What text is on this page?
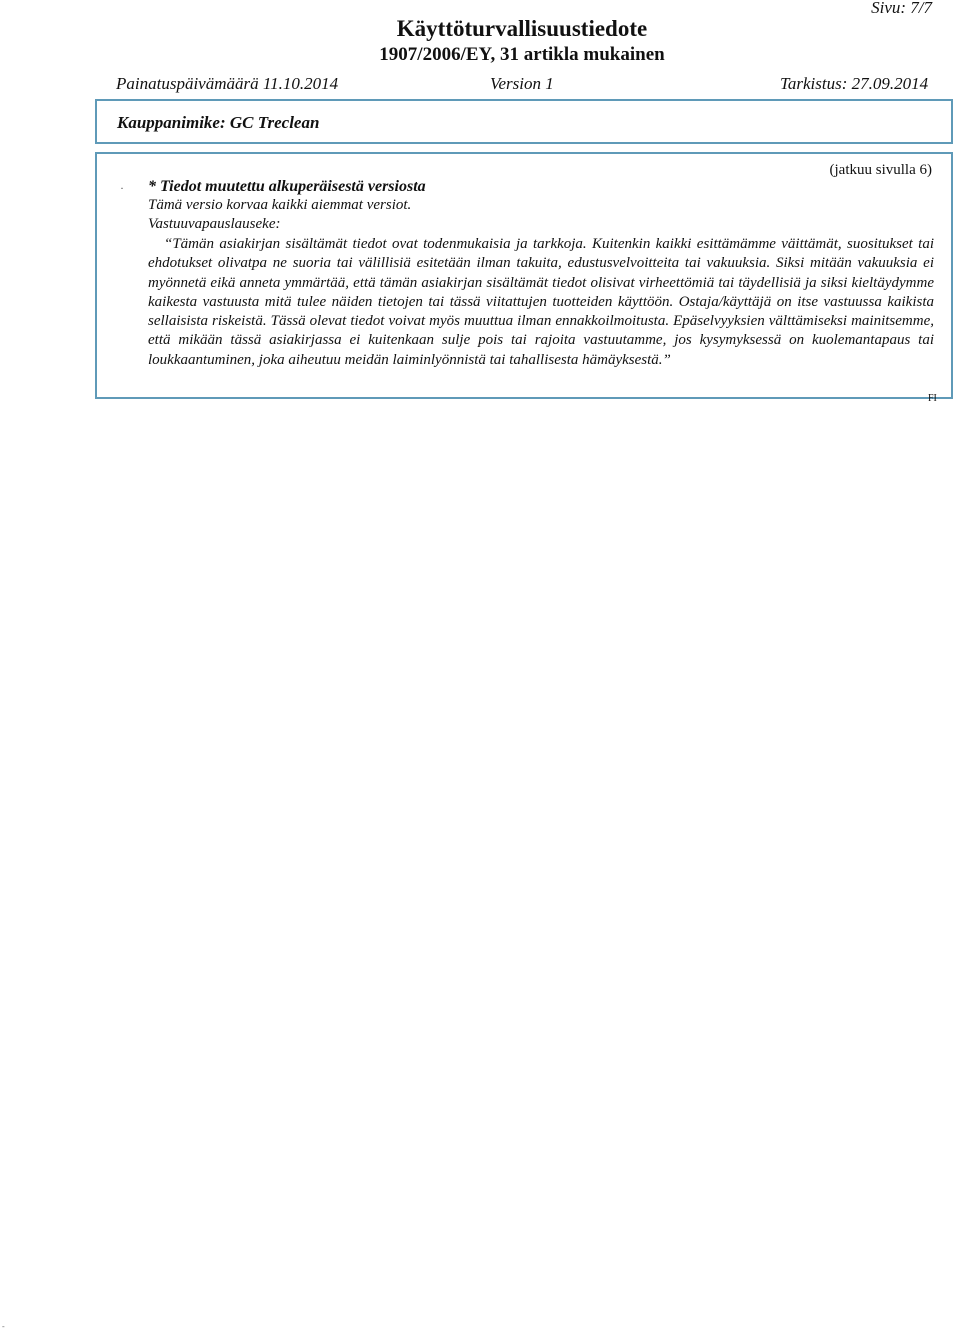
Sivu: 7/7
Käyttöturvallisuustiedote
1907/2006/EY, 31 artikla mukainen
Painatuspäivämäärä 11.10.2014	Version 1	Tarkistus: 27.09.2014
Kauppanimike: GC Treclean
(jatkuu sivulla 6)
· * Tiedot muutettu alkuperäisestä versiosta
Tämä versio korvaa kaikki aiemmat versiot.
Vastuuvapauslauseke:

“Tämän asiakirjan sisältämät tiedot ovat todenmukaisia ja tarkkoja. Kuitenkin kaikki esittämämme väittämät, suositukset tai ehdotukset olivatpa ne suoria tai välillisiä esitetään ilman takuita, edustusvelvoitteita tai vakuuksia. Siksi mitään vakuuksia ei myönnetä eikä anneta ymmärtää, että tämän asiakirjan sisältämät tiedot olisivat virheettömiä tai täydellisiä ja siksi kieltäydymme kaikesta vastuusta mitä tulee näiden tietojen tai tässä viitattujen tuotteiden käyttöön. Ostaja/käyttäjä on itse vastuussa kaikista sellaisista riskeistä. Tässä olevat tiedot voivat myös muuttua ilman ennakkoilmoitusta. Epäselvyyksien välttämiseksi mainitsemme, että mikään tässä asiakirjassa ei kuitenkaan sulje pois tai rajoita vastuutamme, jos kysymyksessä on kuolemantapaus tai loukkaantuminen, joka aiheutuu meidän laiminlyönnistä tai tahallisesta hämäyksestä.”

FI
-
